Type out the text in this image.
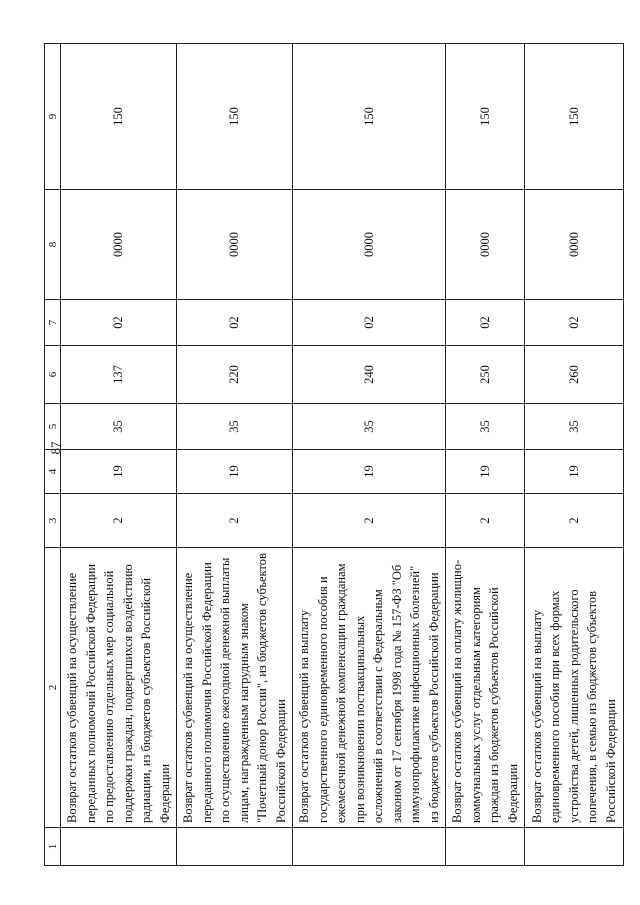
87
1	2	3	4	5	6	7	8	9
	Возврат остатков субвенций на осуществление переданных полномочий Российской Федерации по предоставлению отдельных мер социальной поддержки граждан, подвергшихся воздействию радиации, из бюджетов субъектов Российской Федерации	2	19	35	137	02	0000	150
	Возврат остатков субвенций на осуществление переданного полномочия Российской Федерации по осуществлению ежегодной денежной выплаты лицам, награжденным нагрудным знаком "Почетный донор России", из бюджетов субъектов Российской Федерации	2	19	35	220	02	0000	150
	Возврат остатков субвенций на выплату государственного единовременного пособия и ежемесячной денежной компенсации гражданам при возникновении поствакцинальных осложнений в соответствии с Федеральным законом от 17 сентября 1998 года № 157-ФЗ "Об иммунопрофилактике инфекционных болезней" из бюджетов субъектов Российской Федерации	2	19	35	240	02	0000	150
	Возврат остатков субвенций на оплату жилищно-коммунальных услуг отдельным категориям граждан из бюджетов субъектов Российской Федерации	2	19	35	250	02	0000	150
	Возврат остатков субвенций на выплату единовременного пособия при всех формах устройства детей, лишенных родительского попечения, в семью из бюджетов субъектов Российской Федерации	2	19	35	260	02	0000	150
